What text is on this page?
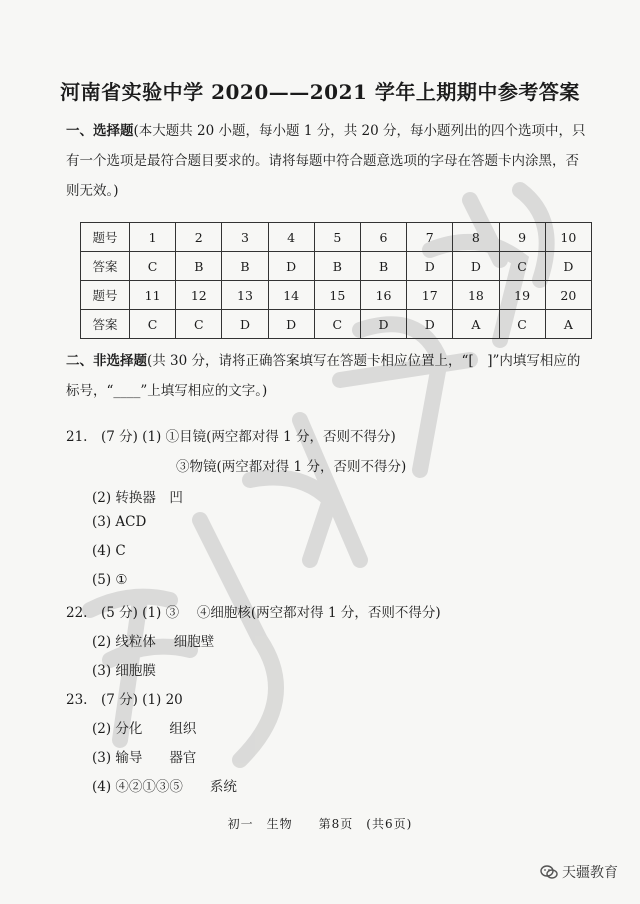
河南省实验中学 2020——2021 学年上期期中参考答案
一、选择题(本大题共 20 小题，每小题 1 分，共 20 分，每小题列出的四个选项中，只有一个选项是最符合题目要求的。请将每题中符合题意选项的字母在答题卡内涂黑，否则无效。)
题号	1	2	3	4	5	6	7	8	9	10
答案	C	B	B	D	B	B	D	D	C	D
题号	11	12	13	14	15	16	17	18	19	20
答案	C	C	D	D	C	D	D	A	C	A
二、非选择题(共 30 分，请将正确答案填写在答题卡相应位置上，“[　]”内填写相应的标号，“____”上填写相应的文字。)
21.　(7 分) (1) ①目镜(两空都对得 1 分，否则不得分)
③物镜(两空都对得 1 分，否则不得分)
(2) 转换器　凹
(3) ACD
(4) C
(5) ①
22.　(5 分) (1) ③　 ④细胞核(两空都对得 1 分，否则不得分)
(2) 线粒体　 细胞壁
(3) 细胞膜
23.　(7 分) (1) 20
(2) 分化　　组织
(3) 输导　　器官
(4) ④②①③⑤　　系统
初一　生物　　第8页　(共6页)
天疆教育
